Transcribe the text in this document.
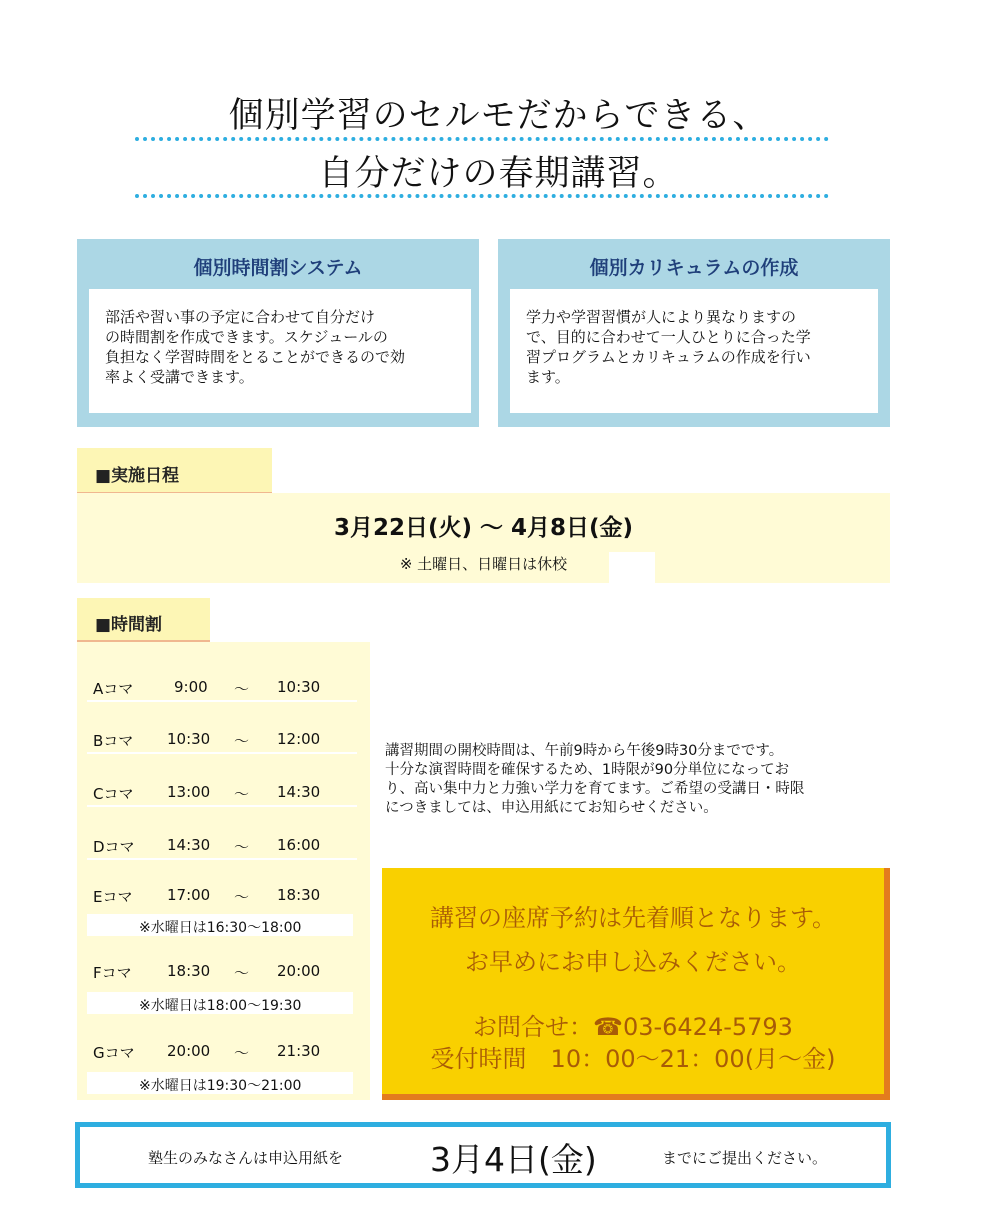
個別学習のセルモだからできる、
自分だけの春期講習。
個別時間割システム
部活や習い事の予定に合わせて自分だけ
の時間割を作成できます。スケジュールの
負担なく学習時間をとることができるので効
率よく受講できます。
個別カリキュラムの作成
学力や学習習慣が人により異なりますの
で、目的に合わせて一人ひとりに合った学
習プログラムとカリキュラムの作成を行い
ます。
■実施日程
3月22日(火) ～ 4月8日(金)
※ 土曜日、日曜日は休校
■時間割
Aコマ	9:00 ～ 10:30
Bコマ 10:30 ～ 12:00
Cコマ 13:00 ～ 14:30
Dコマ 14:30 ～ 16:00
Eコマ 17:00 ～ 18:30
※水曜日は16:30～18:00
Fコマ 18:30 ～ 20:00
※水曜日は18:00～19:30
Gコマ 20:00 ～ 21:30
※水曜日は19:30～21:00
講習期間の開校時間は、午前9時から午後9時30分までです。
十分な演習時間を確保するため、1時限が90分単位になってお
り、高い集中力と力強い学力を育てます。ご希望の受講日・時限
につきましては、申込用紙にてお知らせください。
講習の座席予約は先着順となります。
お早めにお申し込みください。
お問合せ：☎03-6424-5793
受付時間　10：00～21：00(月～金)
塾生のみなさんは申込用紙を	3月4日(金)	までにご提出ください。
